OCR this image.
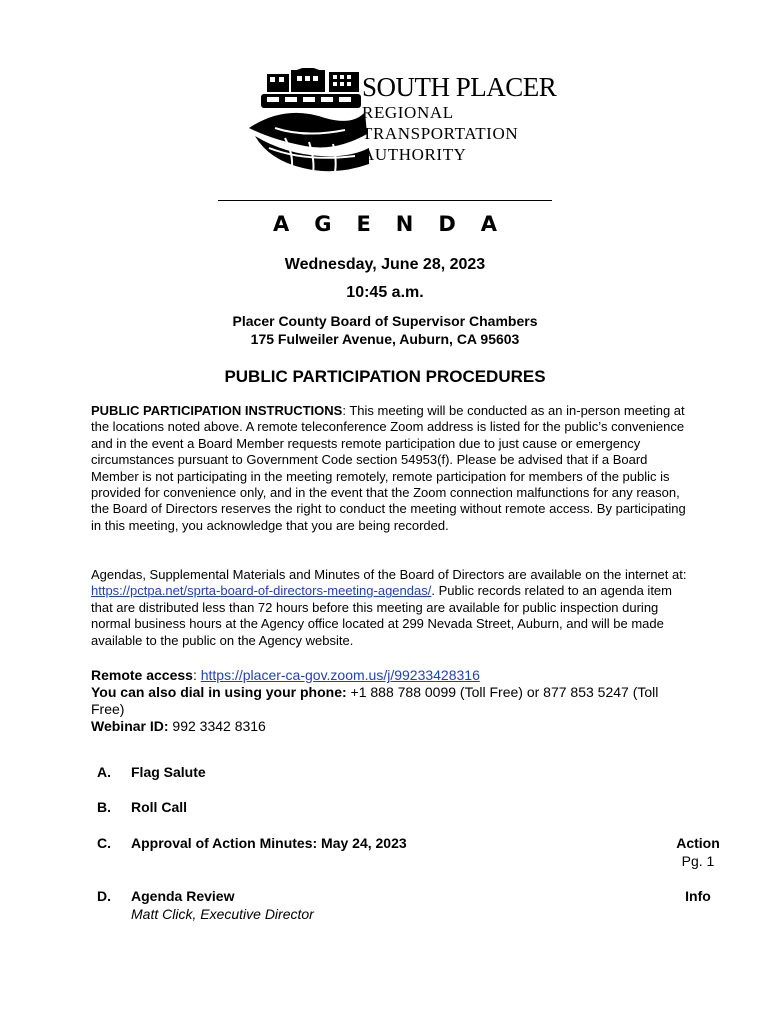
SOUTH PLACER
REGIONAL
TRANSPORTATION
AUTHORITY
A G E N D A
Wednesday, June 28, 2023
10:45 a.m.
Placer County Board of Supervisor Chambers
175 Fulweiler Avenue, Auburn, CA 95603
PUBLIC PARTICIPATION PROCEDURES
PUBLIC PARTICIPATION INSTRUCTIONS: This meeting will be conducted as an in-person meeting at the locations noted above. A remote teleconference Zoom address is listed for the public’s convenience and in the event a Board Member requests remote participation due to just cause or emergency circumstances pursuant to Government Code section 54953(f). Please be advised that if a Board Member is not participating in the meeting remotely, remote participation for members of the public is provided for convenience only, and in the event that the Zoom connection malfunctions for any reason, the Board of Directors reserves the right to conduct the meeting without remote access. By participating in this meeting, you acknowledge that you are being recorded.
Agendas, Supplemental Materials and Minutes of the Board of Directors are available on the internet at: https://pctpa.net/sprta-board-of-directors-meeting-agendas/. Public records related to an agenda item that are distributed less than 72 hours before this meeting are available for public inspection during normal business hours at the Agency office located at 299 Nevada Street, Auburn, and will be made available to the public on the Agency website.
Remote access: https://placer-ca-gov.zoom.us/j/99233428316
You can also dial in using your phone: +1 888 788 0099 (Toll Free) or 877 853 5247 (Toll Free)
Webinar ID: 992 3342 8316
A. Flag Salute
B. Roll Call
C. Approval of Action Minutes: May 24, 2023	Action
Pg. 1
D. Agenda Review
Matt Click, Executive Director
Info
